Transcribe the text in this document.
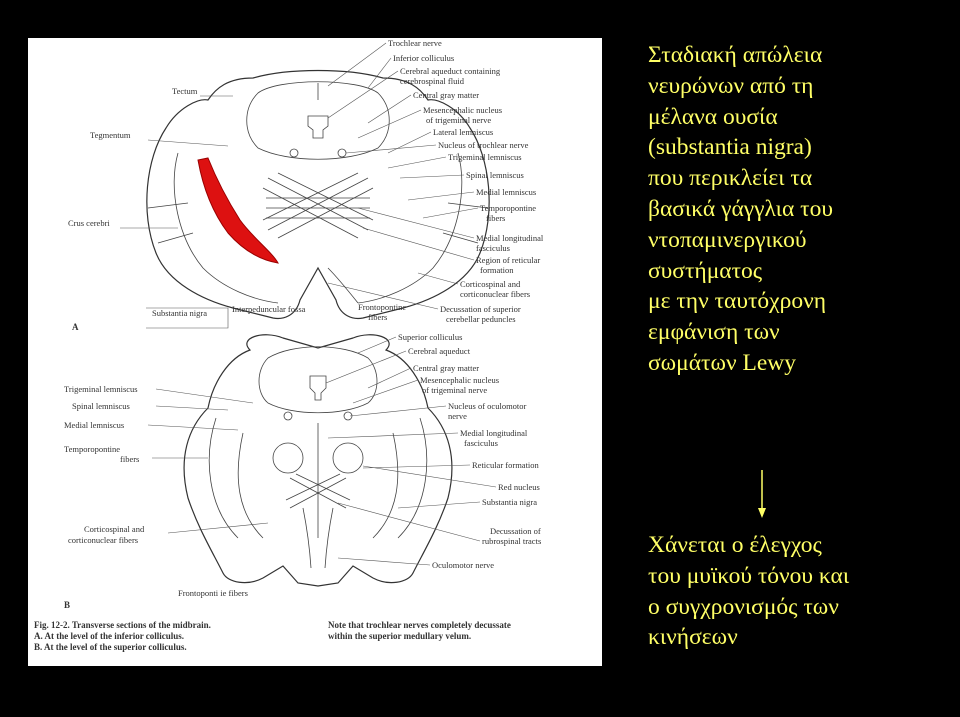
Tectum
Tegmentum
Crus cerebri
Substantia nigra
A
Interpeduncular fossa	Frontopontine
fibers
Trochlear nerve
Inferior colliculus
Cerebral aqueduct containing
cerebrospinal fluid
Central gray matter
Mesencephalic nucleus
of trigeminal nerve
Lateral lemniscus
Nucleus of trochlear nerve
Trigeminal lemniscus
Spinal lemniscus
Medial lemniscus
Temporopontine
fibers
Medial longitudinal
fasciculus
Region of reticular
formation
Corticospinal and
corticonuclear fibers
Decussation of superior
cerebellar peduncles
Trigeminal lemniscus
Spinal lemniscus
Medial lemniscus
Temporopontine
fibers
Corticospinal and
corticonuclear fibers
B
Frontoponti ie fibers
Superior colliculus
Cerebral aqueduct
Central gray matter
Mesencephalic nucleus
of trigeminal nerve
Nucleus of oculomotor
nerve
Medial longitudinal
fasciculus
Reticular formation
Red nucleus
Substantia nigra
Decussation of
rubrospinal tracts
Oculomotor nerve
Fig. 12-2. Transverse sections of the midbrain.
A. At the level of the inferior colliculus.
B. At the level of the superior colliculus.
Note that trochlear nerves completely decussate
within the superior medullary velum.
Σταδιακή απώλεια
νευρώνων από τη
μέλανα ουσία
(substantia nigra)
που περικλείει τα
βασικά γάγγλια του
ντοπαμινεργικού
συστήματος
με την ταυτόχρονη
εμφάνιση των
σωμάτων Lewy
Χάνεται ο έλεγχος
του μυϊκού τόνου και
ο συγχρονισμός των
κινήσεων
